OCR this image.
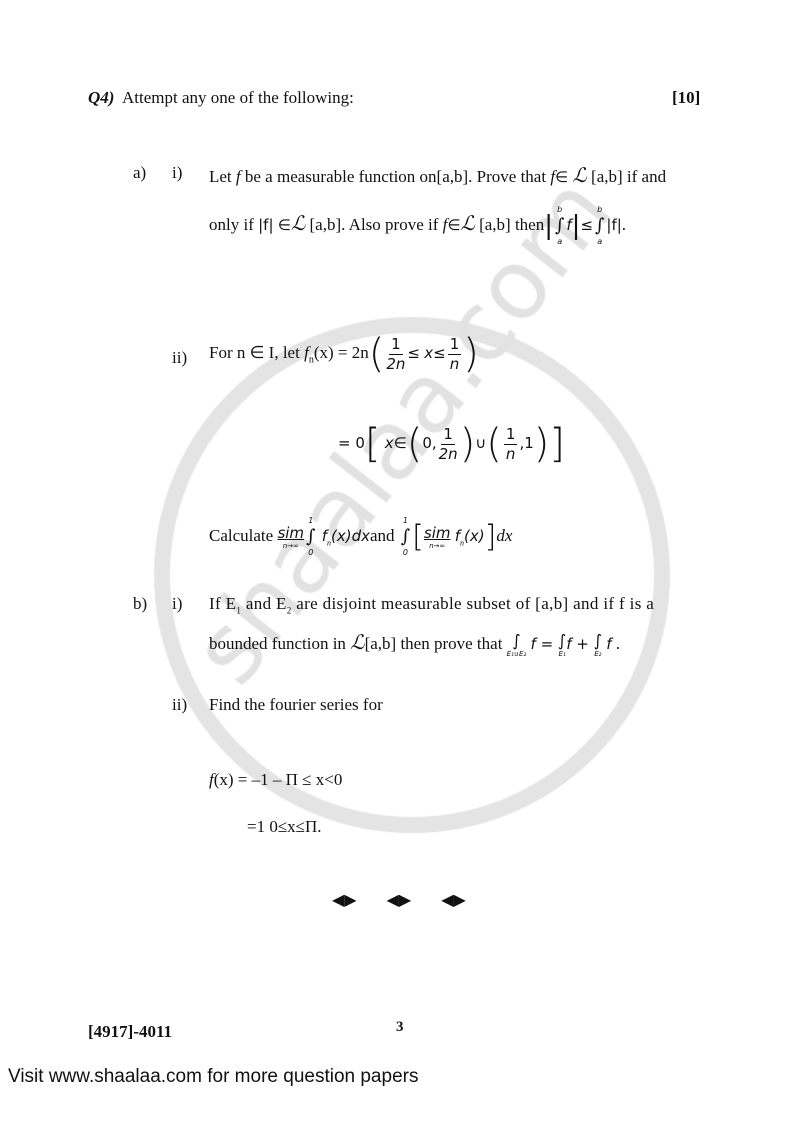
Q4) Attempt any one of the following:	[10]
a) i) Let f be a measurable function on[a,b]. Prove that f∈ ℒ [a,b] if and
only if |f| ∈ℒ [a,b]. Also prove if f∈ℒ [a,b] then|
b
∫
a
f|≤
b
∫
a
|f|.
ii) For n ∈ I, let $f_n(x) = 2n( \frac{1}{2n} \le x\le \frac{1}{n}$ )
= 0[ x∈(0, $\frac{1}{2n}$ )∪( $\frac{1}{n} ,1$)]
Calculate sim
n→∞
1
∫
0
$f_n(x)dxand$
1
∫
0 [ sim
n→∞
$f_n(x)]dx$
b) i) If $E_1$ and $E_2$ are disjoint measurable subset of [a,b] and if f is a
bounded function in ℒ[a,b] then prove that ∫
E₁∪E₂
f = ∫
E₁
f + ∫
E₂
f .
ii) Find the fourier series for
f(x) = –1 – Π ≤ x<0
=1 0≤x≤Π.
◀▶ ◀▶ ◀▶
[4917]-4011	3
Visit www.shaalaa.com for more question papers
